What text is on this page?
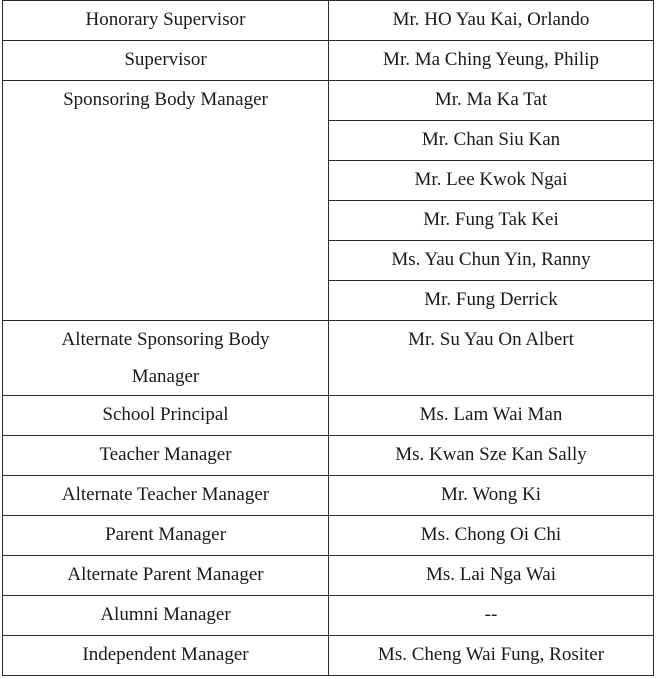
Honorary Supervisor	Mr. HO Yau Kai, Orlando
Supervisor	Mr. Ma Ching Yeung, Philip
Sponsoring Body Manager	Mr. Ma Ka Tat
	Mr. Chan Siu Kan
	Mr. Lee Kwok Ngai
	Mr. Fung Tak Kei
	Ms. Yau Chun Yin, Ranny
	Mr. Fung Derrick
Alternate Sponsoring Body Manager	Mr. Su Yau On Albert
School Principal	Ms. Lam Wai Man
Teacher Manager	Ms. Kwan Sze Kan Sally
Alternate Teacher Manager	Mr. Wong Ki
Parent Manager	Ms. Chong Oi Chi
Alternate Parent Manager	Ms. Lai Nga Wai
Alumni Manager	--
Independent Manager	Ms. Cheng Wai Fung, Rositer
